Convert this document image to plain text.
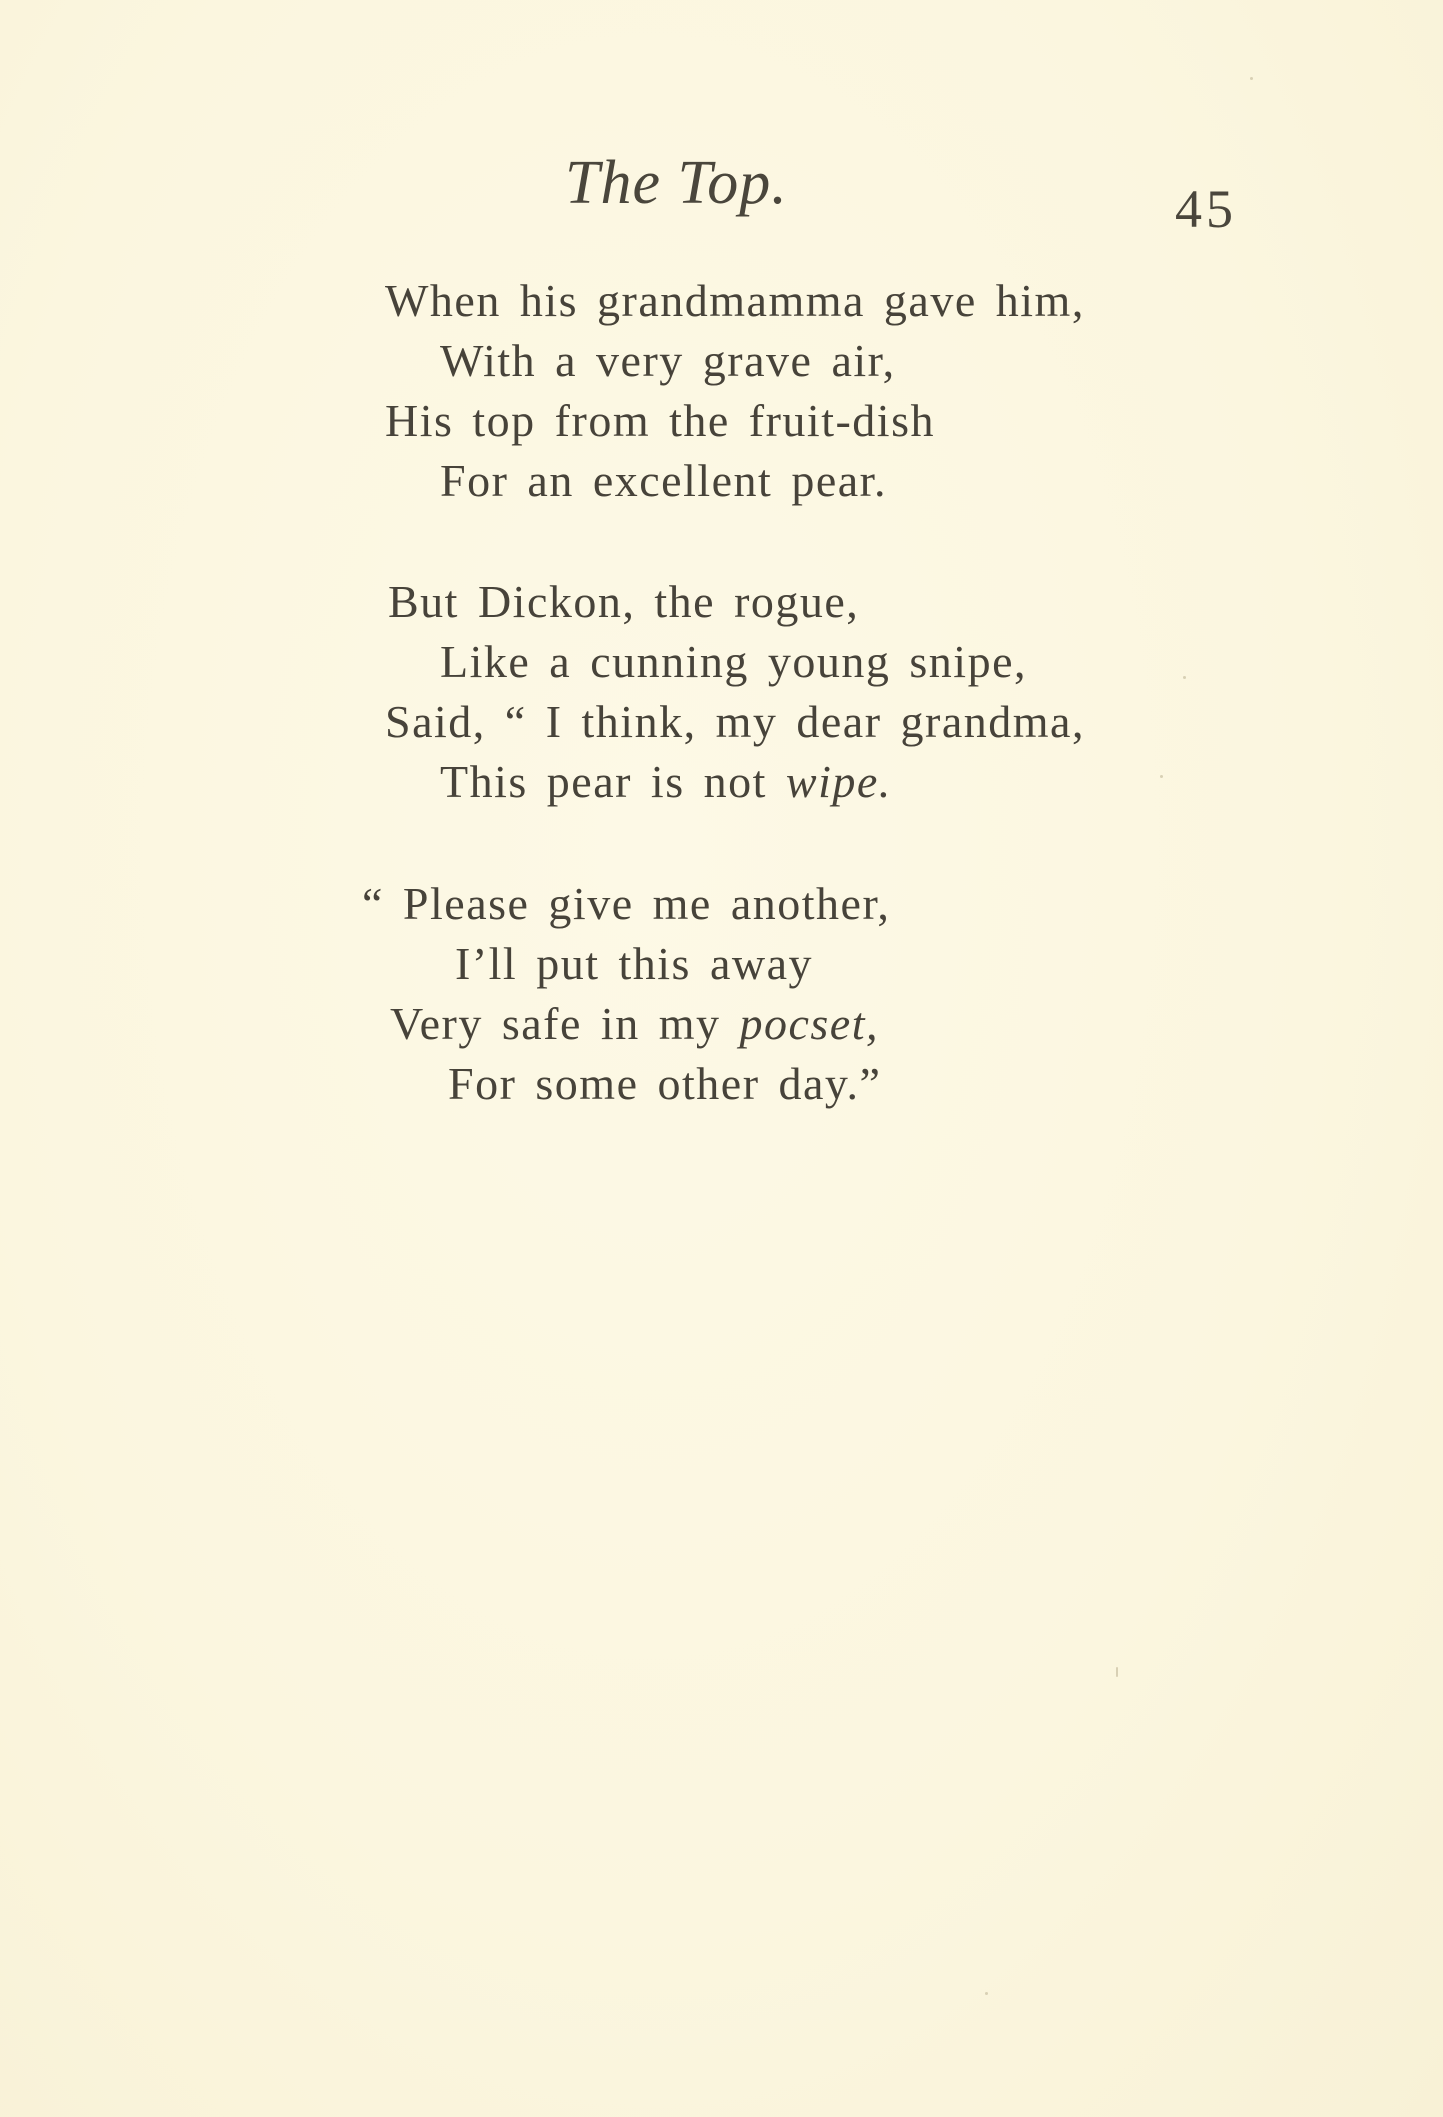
The Top.	45
When his grandmamma gave him,
With a very grave air,
His top from the fruit-dish
For an excellent pear.
But Dickon, the rogue,
Like a cunning young snipe,
Said, “ I think, my dear grandma,
This pear is not wipe.
“ Please give me another,
I’ll put this away
Very safe in my pocset,
For some other day.”
